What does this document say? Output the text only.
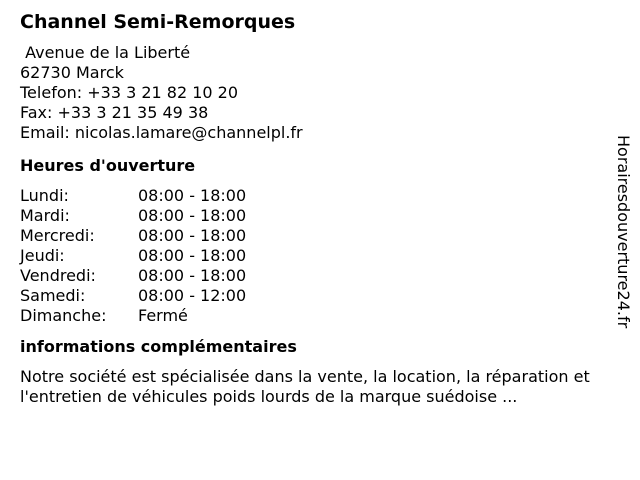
Channel Semi-Remorques
Avenue de la Liberté
62730 Marck
Telefon: +33 3 21 82 10 20
Fax: +33 3 21 35 49 38
Email: nicolas.lamare@channelpl.fr
Heures d'ouverture
Lundi:	08:00 - 18:00
Mardi:	08:00 - 18:00
Mercredi:	08:00 - 18:00
Jeudi:	08:00 - 18:00
Vendredi:	08:00 - 18:00
Samedi:	08:00 - 12:00
Dimanche:	Fermé
informations complémentaires
Notre société est spécialisée dans la vente, la location, la réparation et l'entretien de véhicules poids lourds de la marque suédoise ...
Horairesdouverture24.fr
